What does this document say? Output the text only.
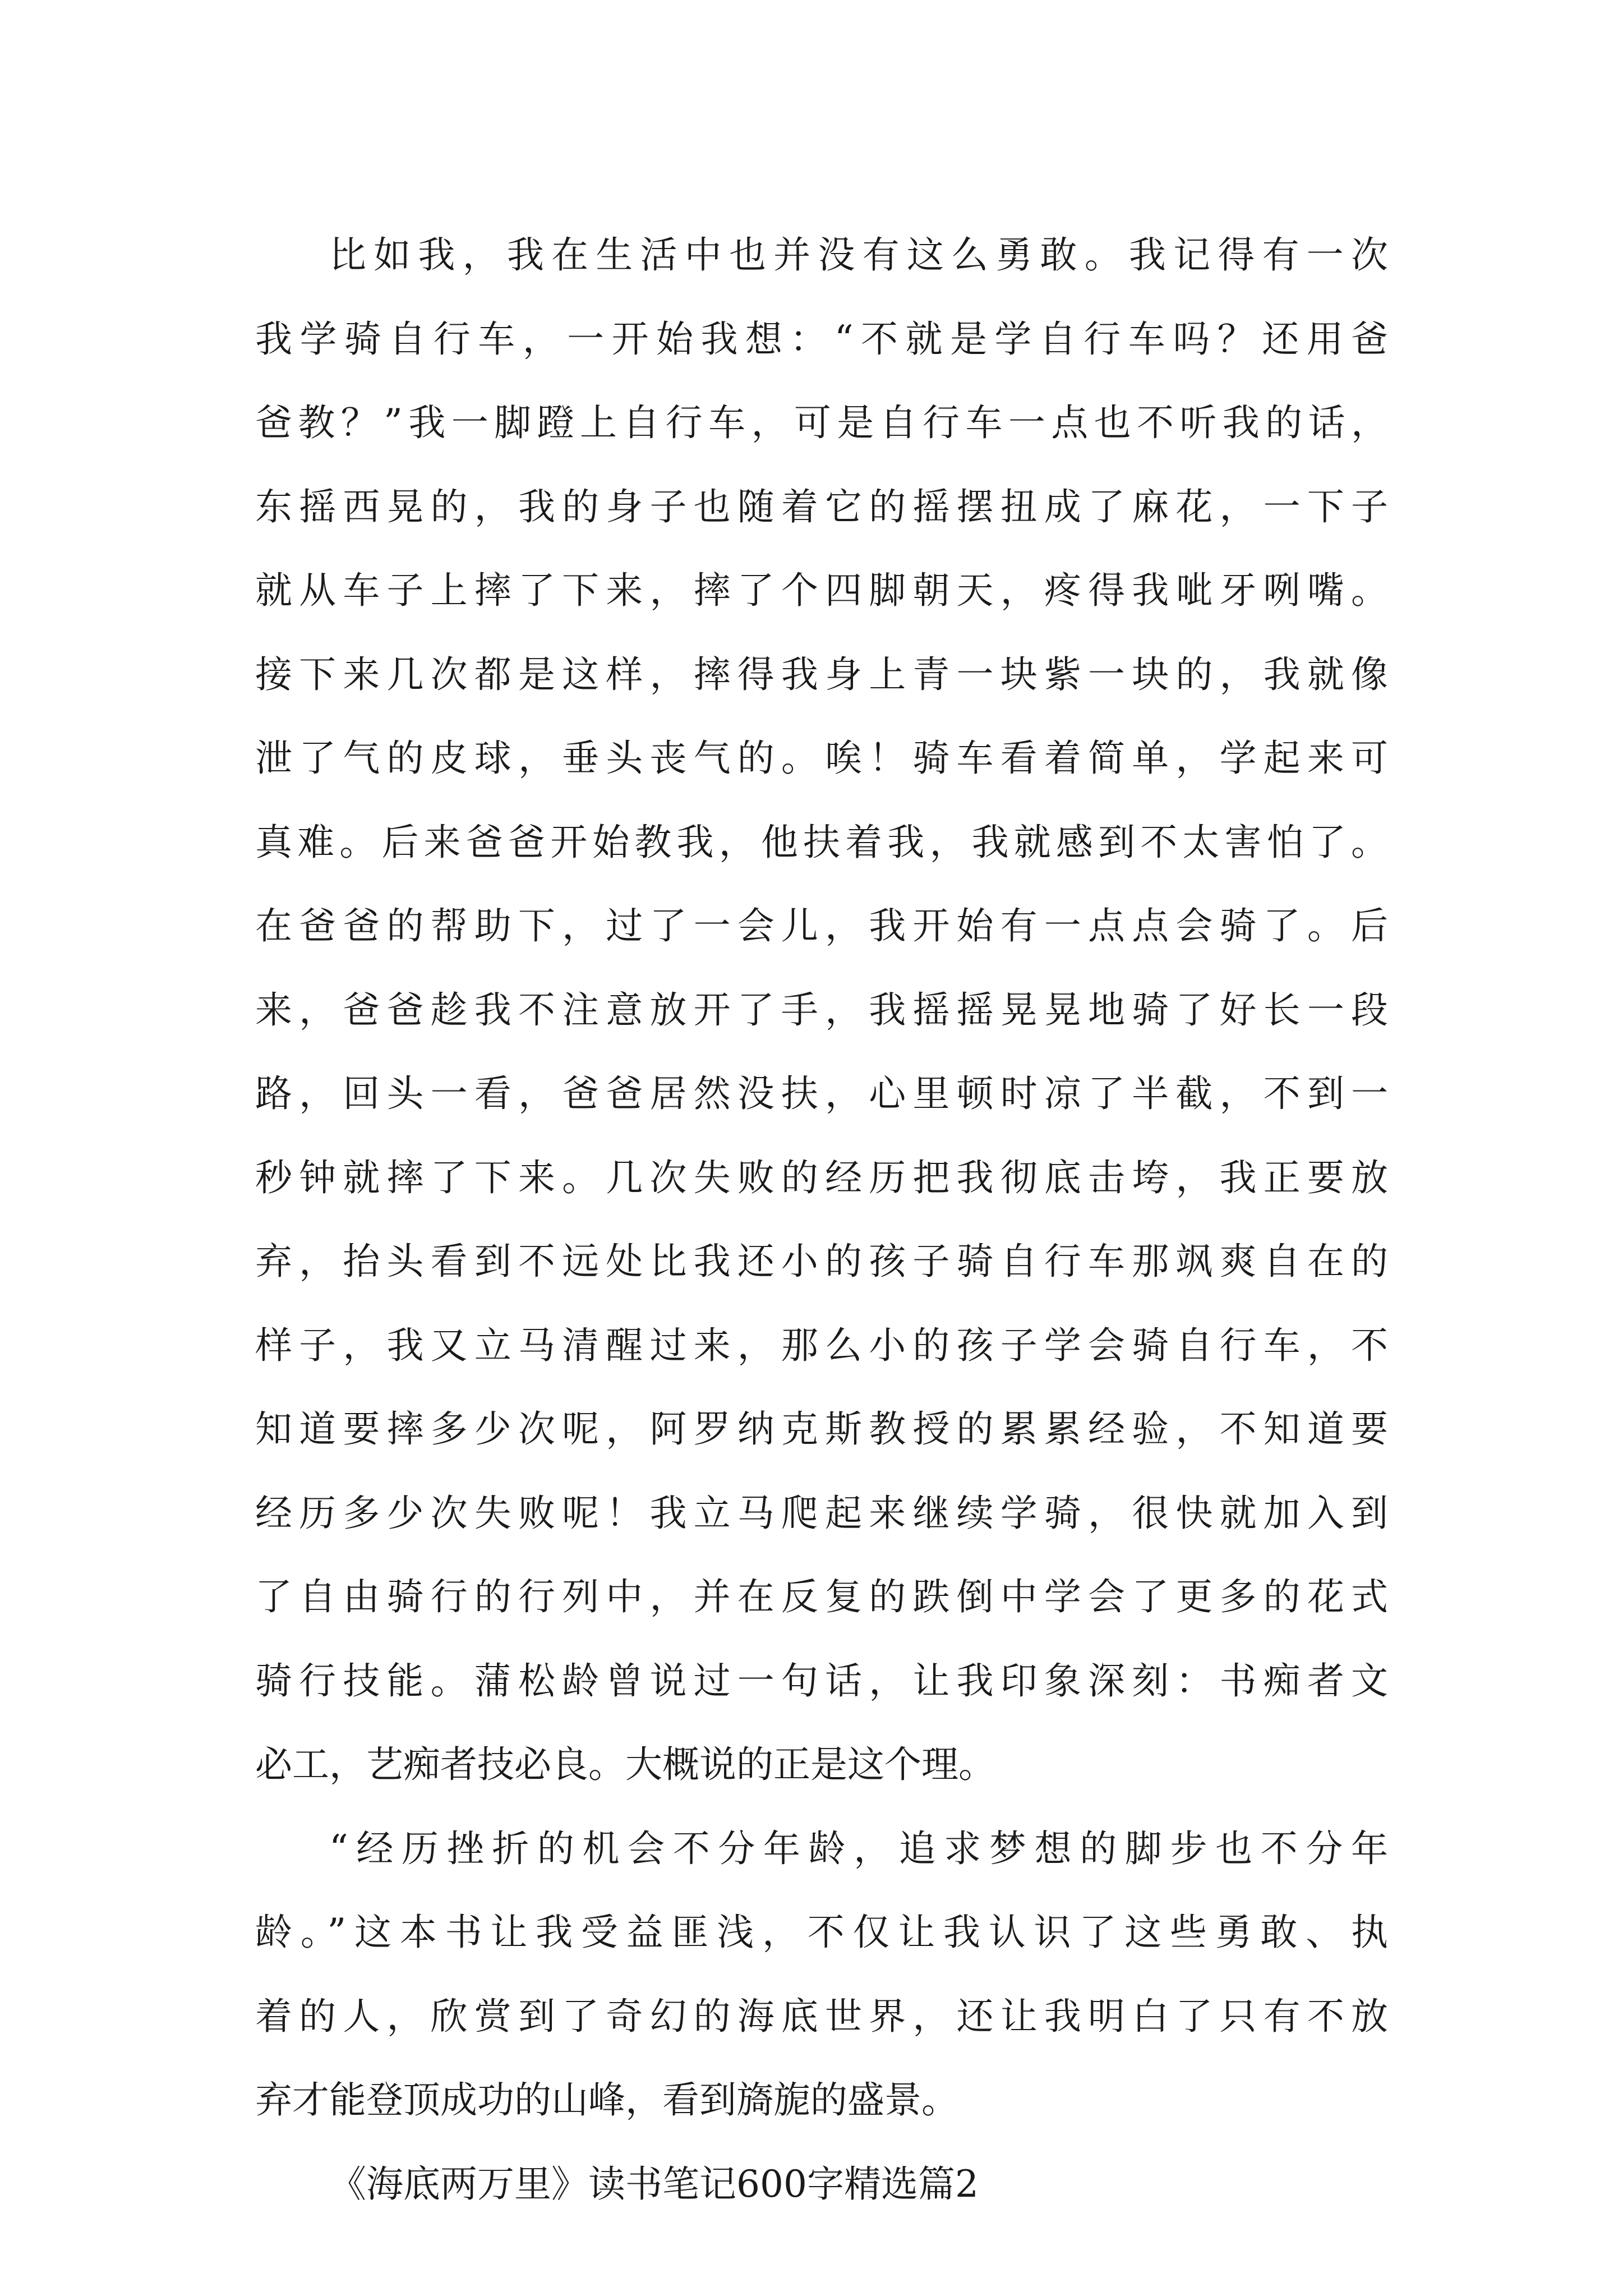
比如我，我在生活中也并没有这么勇敢。我记得有一次
我学骑自行车，一开始我想：“不就是学自行车吗？还用爸
爸教？”我一脚蹬上自行车，可是自行车一点也不听我的话，
东摇西晃的，我的身子也随着它的摇摆扭成了麻花，一下子
就从车子上摔了下来，摔了个四脚朝天，疼得我呲牙咧嘴。
接下来几次都是这样，摔得我身上青一块紫一块的，我就像
泄了气的皮球，垂头丧气的。唉！骑车看着简单，学起来可
真难。后来爸爸开始教我，他扶着我，我就感到不太害怕了。
在爸爸的帮助下，过了一会儿，我开始有一点点会骑了。后
来，爸爸趁我不注意放开了手，我摇摇晃晃地骑了好长一段
路，回头一看，爸爸居然没扶，心里顿时凉了半截，不到一
秒钟就摔了下来。几次失败的经历把我彻底击垮，我正要放
弃，抬头看到不远处比我还小的孩子骑自行车那飒爽自在的
样子，我又立马清醒过来，那么小的孩子学会骑自行车，不
知道要摔多少次呢，阿罗纳克斯教授的累累经验，不知道要
经历多少次失败呢！我立马爬起来继续学骑，很快就加入到
了自由骑行的行列中，并在反复的跌倒中学会了更多的花式
骑行技能。蒲松龄曾说过一句话，让我印象深刻：书痴者文
必工，艺痴者技必良。大概说的正是这个理。
“经历挫折的机会不分年龄，追求梦想的脚步也不分年
龄。”这本书让我受益匪浅，不仅让我认识了这些勇敢、执
着的人，欣赏到了奇幻的海底世界，还让我明白了只有不放
弃才能登顶成功的山峰，看到旖旎的盛景。
《海底两万里》读书笔记600字精选篇2
